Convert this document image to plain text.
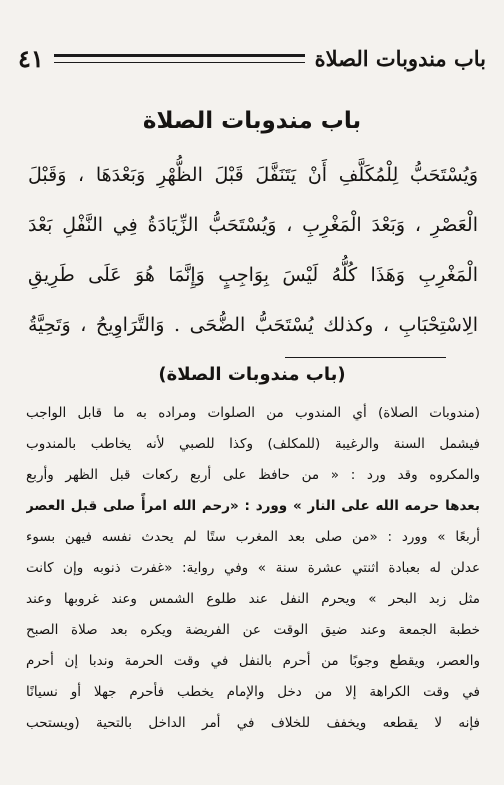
باب مندوبات الصلاة
٤١
باب مندوبات الصلاة
وَيُسْتَحَبُّ لِلْمُكَلَّفِ أَنْ يَتَنَفَّلَ قَبْلَ الظُّهْرِ وَبَعْدَهَا ، وَقَبْلَ
الْعَصْرِ ، وَبَعْدَ الْمَغْرِبِ ، وَيُسْتَحَبُّ الزِّيَادَةُ فِي النَّفْلِ بَعْدَ
الْمَغْرِبِ وَهَذَا كُلُّهُ لَيْسَ بِوَاجِبٍ وَإِنَّمَا هُوَ عَلَى طَرِيقِ
الِاسْتِحْبَابِ ، وكذلك يُسْتَحَبُّ الضُّحَى . وَالتَّرَاوِيحُ ، وَتَحِيَّةُ
(باب مندوبات الصلاة)
(مندوبات الصلاة) أي المندوب من الصلوات ومراده به ما قابل الواجب
فيشمل السنة والرغيبة (للمكلف) وكذا للصبي لأنه يخاطب بالمندوب
والمكروه وقد ورد : « من حافظ على أربع ركعات قبل الظهر وأربع
بعدها حرمه الله على النار » وورد : «رحم الله امرأً صلى قبل العصر
أربعًا » وورد : «من صلى بعد المغرب ستًا لم يحدث نفسه فيهن بسوء
عدلن له بعبادة اثنتي عشرة سنة » وفي رواية: «غفرت ذنوبه وإن كانت
مثل زبد البحر » ويحرم النفل عند طلوع الشمس وعند غروبها وعند
خطبة الجمعة وعند ضيق الوقت عن الفريضة ويكره بعد صلاة الصبح
والعصر، ويقطع وجوبًا من أحرم بالنفل في وقت الحرمة وندبا إن أحرم
في وقت الكراهة إلا من دخل والإمام يخطب فأحرم جهلا أو نسيانًا
فإنه لا يقطعه ويخفف للخلاف في أمر الداخل بالتحية (ويستحب
